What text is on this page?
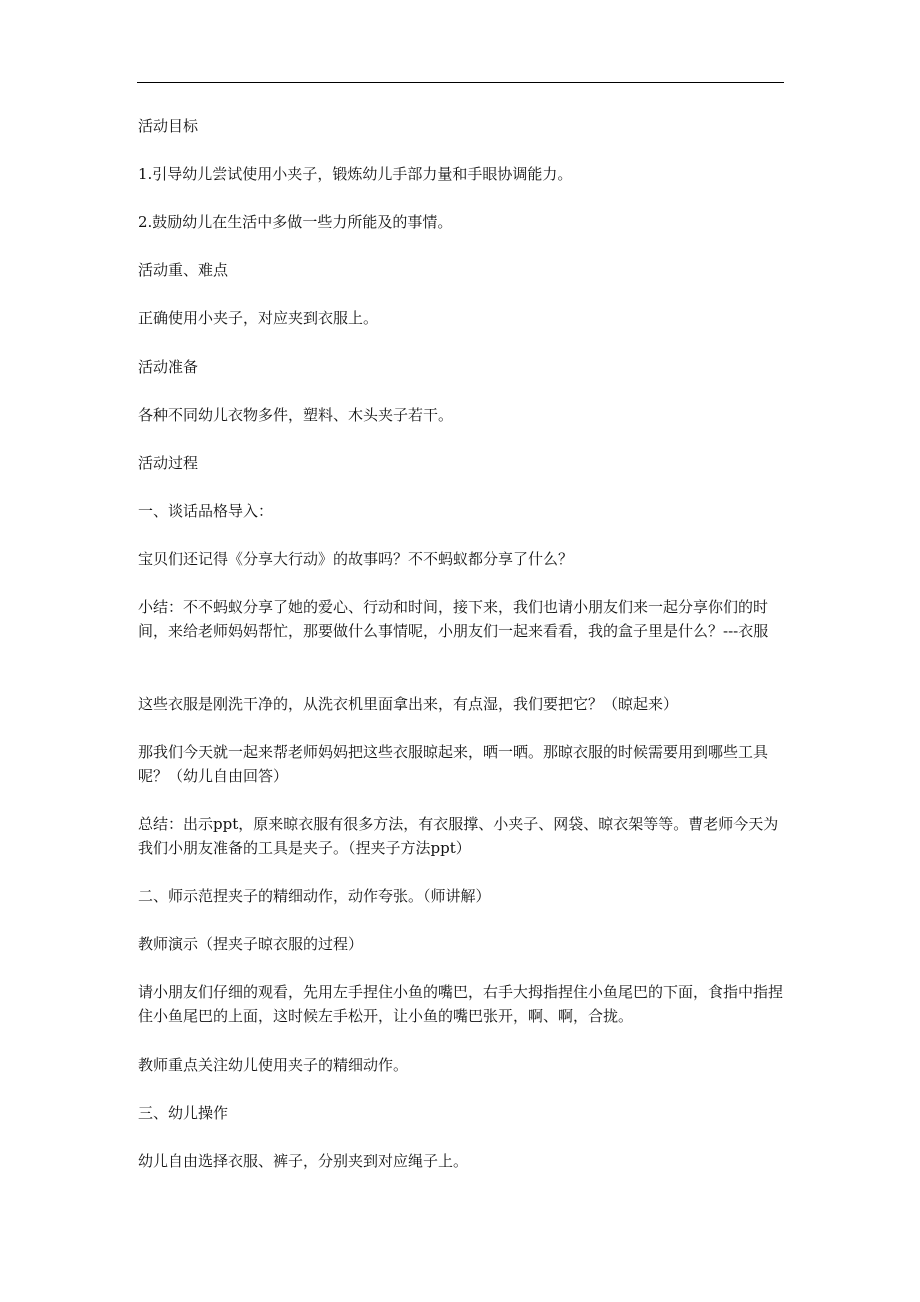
活动目标

1.引导幼儿尝试使用小夹子，锻炼幼儿手部力量和手眼协调能力。

2.鼓励幼儿在生活中多做一些力所能及的事情。

活动重、难点

正确使用小夹子，对应夹到衣服上。

活动准备

各种不同幼儿衣物多件，塑料、木头夹子若干。

活动过程

一、谈话品格导入：

宝贝们还记得《分享大行动》的故事吗？不不蚂蚁都分享了什么？

小结：不不蚂蚁分享了她的爱心、行动和时间，接下来，我们也请小朋友们来一起分享你们的时间，来给老师妈妈帮忙，那要做什么事情呢，小朋友们一起来看看，我的盒子里是什么？---衣服

这些衣服是刚洗干净的，从洗衣机里面拿出来，有点湿，我们要把它？（晾起来）

那我们今天就一起来帮老师妈妈把这些衣服晾起来，晒一晒。那晾衣服的时候需要用到哪些工具呢？（幼儿自由回答）

总结：出示ppt，原来晾衣服有很多方法，有衣服撑、小夹子、网袋、晾衣架等等。曹老师今天为我们小朋友准备的工具是夹子。（捏夹子方法ppt）

二、师示范捏夹子的精细动作，动作夸张。（师讲解）

教师演示（捏夹子晾衣服的过程）

请小朋友们仔细的观看，先用左手捏住小鱼的嘴巴，右手大拇指捏住小鱼尾巴的下面，食指中指捏住小鱼尾巴的上面，这时候左手松开，让小鱼的嘴巴张开，啊、啊，合拢。

教师重点关注幼儿使用夹子的精细动作。

三、幼儿操作

幼儿自由选择衣服、裤子，分别夹到对应绳子上。
